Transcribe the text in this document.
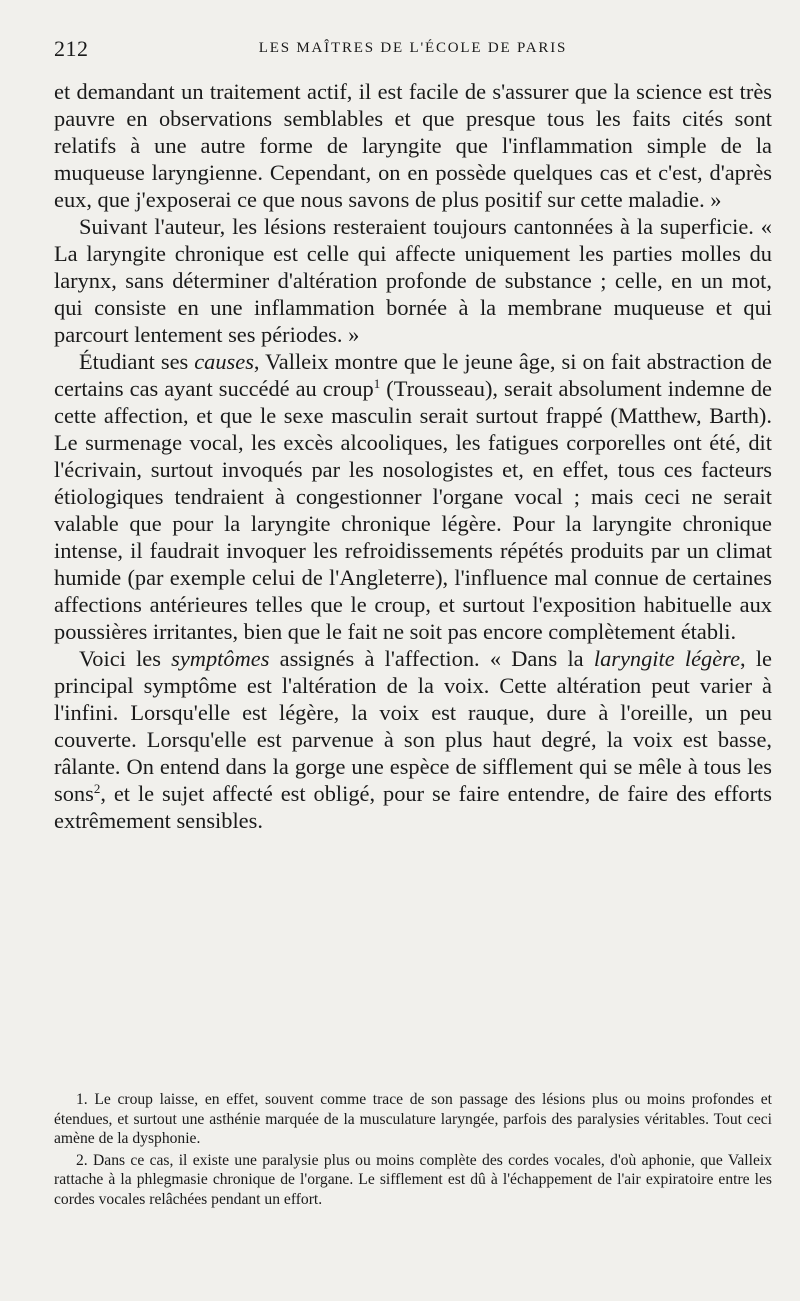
212	LES MAÎTRES DE L'ÉCOLE DE PARIS

et demandant un traitement actif, il est facile de s'assurer que la science est très pauvre en observations semblables et que presque tous les faits cités sont relatifs à une autre forme de laryngite que l'inflammation simple de la muqueuse laryngienne. Cependant, on en possède quelques cas et c'est, d'après eux, que j'exposerai ce que nous savons de plus positif sur cette maladie. »

Suivant l'auteur, les lésions resteraient toujours cantonnées à la superficie. « La laryngite chronique est celle qui affecte uniquement les parties molles du larynx, sans déterminer d'altération profonde de substance ; celle, en un mot, qui consiste en une inflammation bornée à la membrane muqueuse et qui parcourt lentement ses périodes. »

Étudiant ses causes, Valleix montre que le jeune âge, si on fait abstraction de certains cas ayant succédé au croup$^1$ (Trousseau), serait absolument indemne de cette affection, et que le sexe masculin serait surtout frappé (Matthew, Barth). Le surmenage vocal, les excès alcooliques, les fatigues corporelles ont été, dit l'écrivain, surtout invoqués par les nosologistes et, en effet, tous ces facteurs étiologiques tendraient à congestionner l'organe vocal ; mais ceci ne serait valable que pour la laryngite chronique légère. Pour la laryngite chronique intense, il faudrait invoquer les refroidissements répétés produits par un climat humide (par exemple celui de l'Angleterre), l'influence mal connue de certaines affections antérieures telles que le croup, et surtout l'exposition habituelle aux poussières irritantes, bien que le fait ne soit pas encore complètement établi.

Voici les symptômes assignés à l'affection. « Dans la laryngite légère, le principal symptôme est l'altération de la voix. Cette altération peut varier à l'infini. Lorsqu'elle est légère, la voix est rauque, dure à l'oreille, un peu couverte. Lorsqu'elle est parvenue à son plus haut degré, la voix est basse, râlante. On entend dans la gorge une espèce de sifflement qui se mêle à tous les sons$^2$, et le sujet affecté est obligé, pour se faire entendre, de faire des efforts extrêmement sensibles.

1. Le croup laisse, en effet, souvent comme trace de son passage des lésions plus ou moins profondes et étendues, et surtout une asthénie marquée de la musculature laryngée, parfois des paralysies véritables. Tout ceci amène de la dysphonie.

2. Dans ce cas, il existe une paralysie plus ou moins complète des cordes vocales, d'où aphonie, que Valleix rattache à la phlegmasie chronique de l'organe. Le sifflement est dû à l'échappement de l'air expiratoire entre les cordes vocales relâchées pendant un effort.
